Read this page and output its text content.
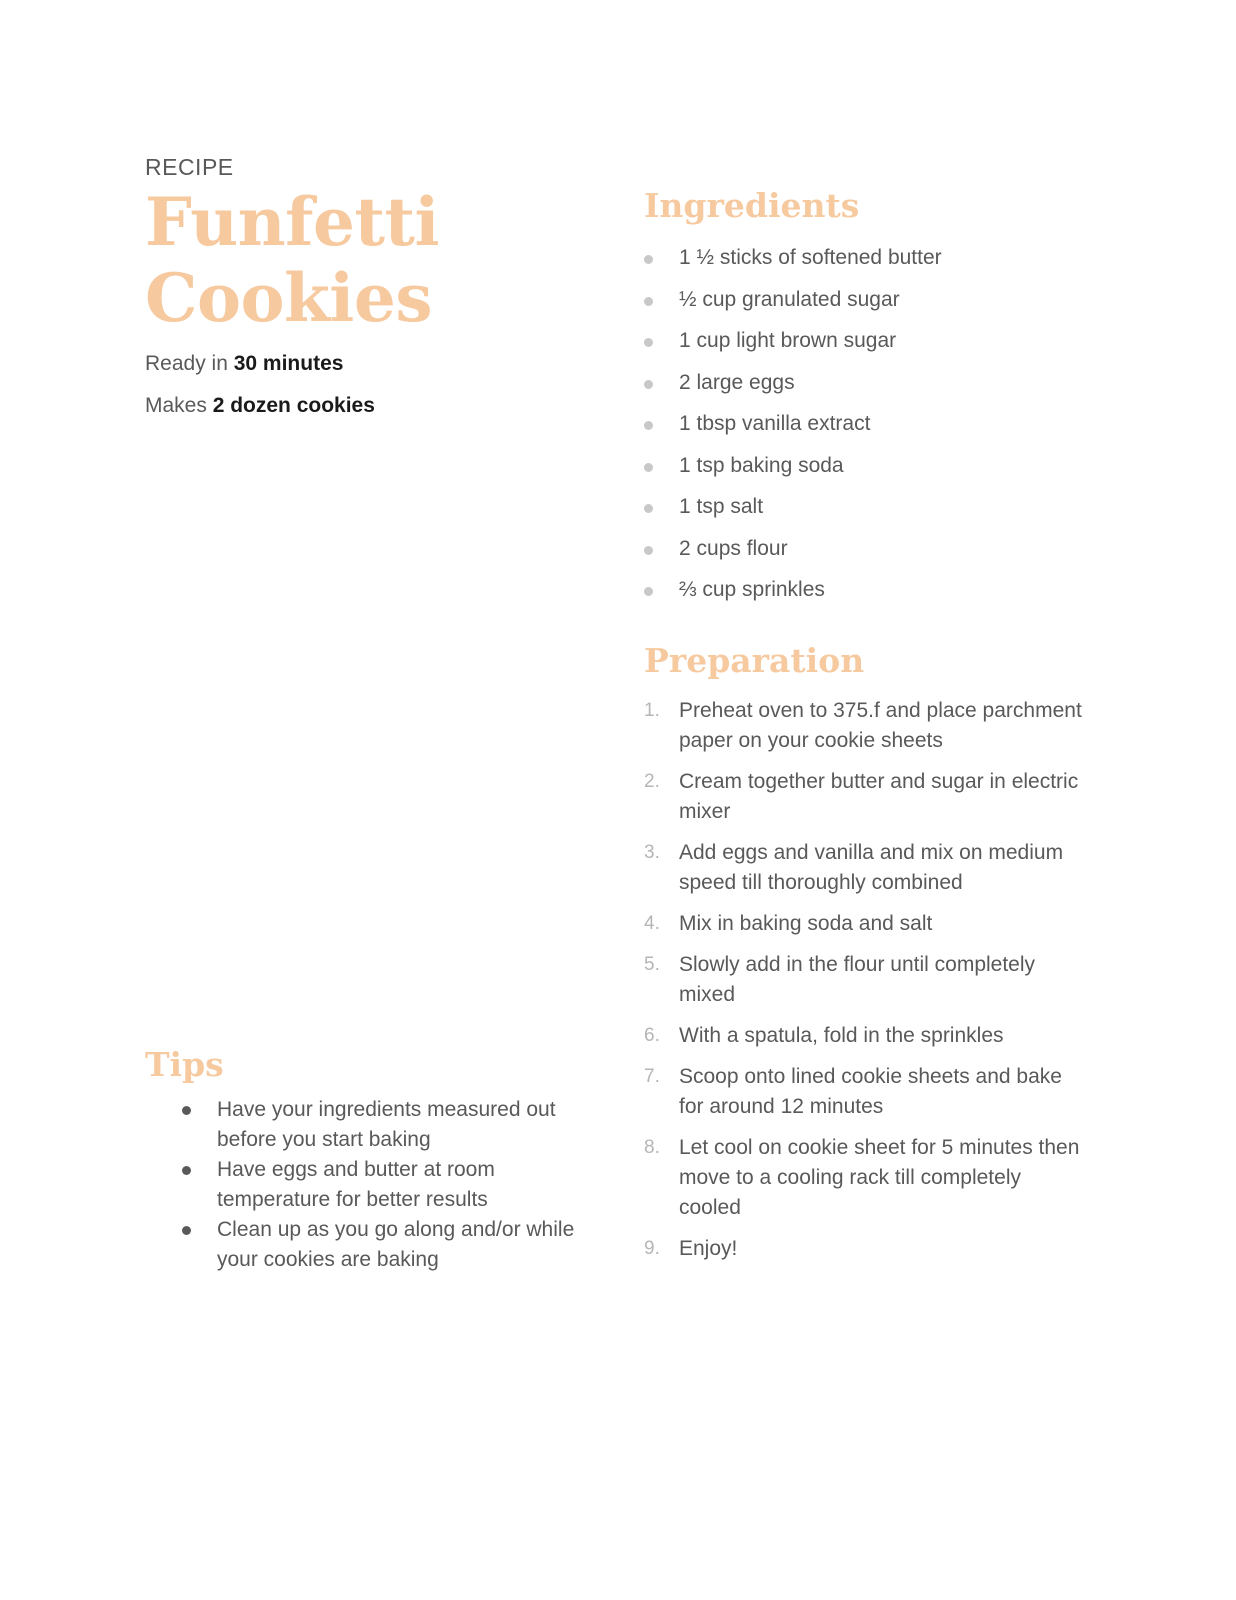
RECIPE

Funfetti
Cookies

Ready in 30 minutes

Makes 2 dozen cookies

Tips
Have your ingredients measured out before you start baking
Have eggs and butter at room temperature for better results
Clean up as you go along and/or while your cookies are baking
Ingredients
1 ½ sticks of softened butter
½ cup granulated sugar
1 cup light brown sugar
2 large eggs
1 tbsp vanilla extract
1 tsp baking soda
1 tsp salt
2 cups flour
⅔ cup sprinkles
Preparation
1. Preheat oven to 375.f and place parchment paper on your cookie sheets
2. Cream together butter and sugar in electric mixer
3. Add eggs and vanilla and mix on medium speed till thoroughly combined
4. Mix in baking soda and salt
5. Slowly add in the flour until completely mixed
6. With a spatula, fold in the sprinkles
7. Scoop onto lined cookie sheets and bake for around 12 minutes
8. Let cool on cookie sheet for 5 minutes then move to a cooling rack till completely cooled
9. Enjoy!
